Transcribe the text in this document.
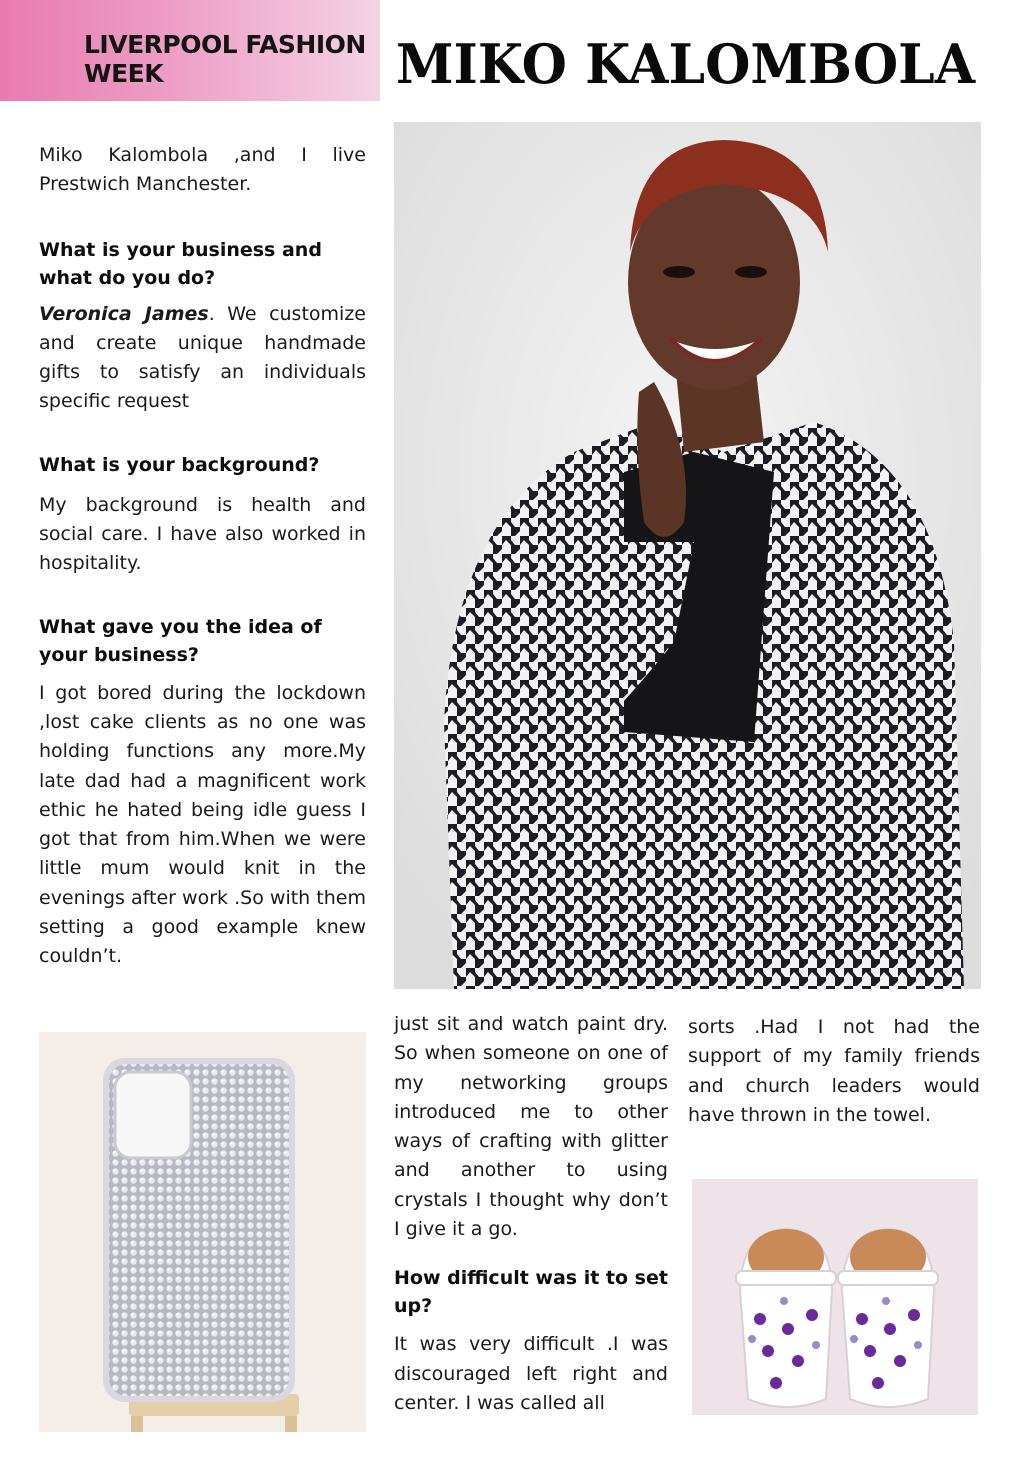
LIVERPOOL FASHION WEEK	MIKO KALOMBOLA

Miko Kalombola ,and I live Prestwich Manchester.

What is your business and what do you do?

Veronica James. We customize and create unique handmade gifts to satisfy an individuals specific request

What is your background?

My background is health and social care. I have also worked in hospitality.

What gave you the idea of your business?

I got bored during the lockdown ,lost cake clients as no one was holding functions any more.My late dad had a magnificent work ethic he hated being idle guess I got that from him.When we were little mum would knit in the evenings after work .So with them setting a good example knew couldn’t.

just sit and watch paint dry. So when someone on one of my networking groups introduced me to other ways of crafting with glitter and another to using crystals I thought why don’t I give it a go.

How difficult was it to set up?

It was very difficult .I was discouraged left right and center. I was called all

sorts .Had I not had the support of my family friends and church leaders would have thrown in the towel.
